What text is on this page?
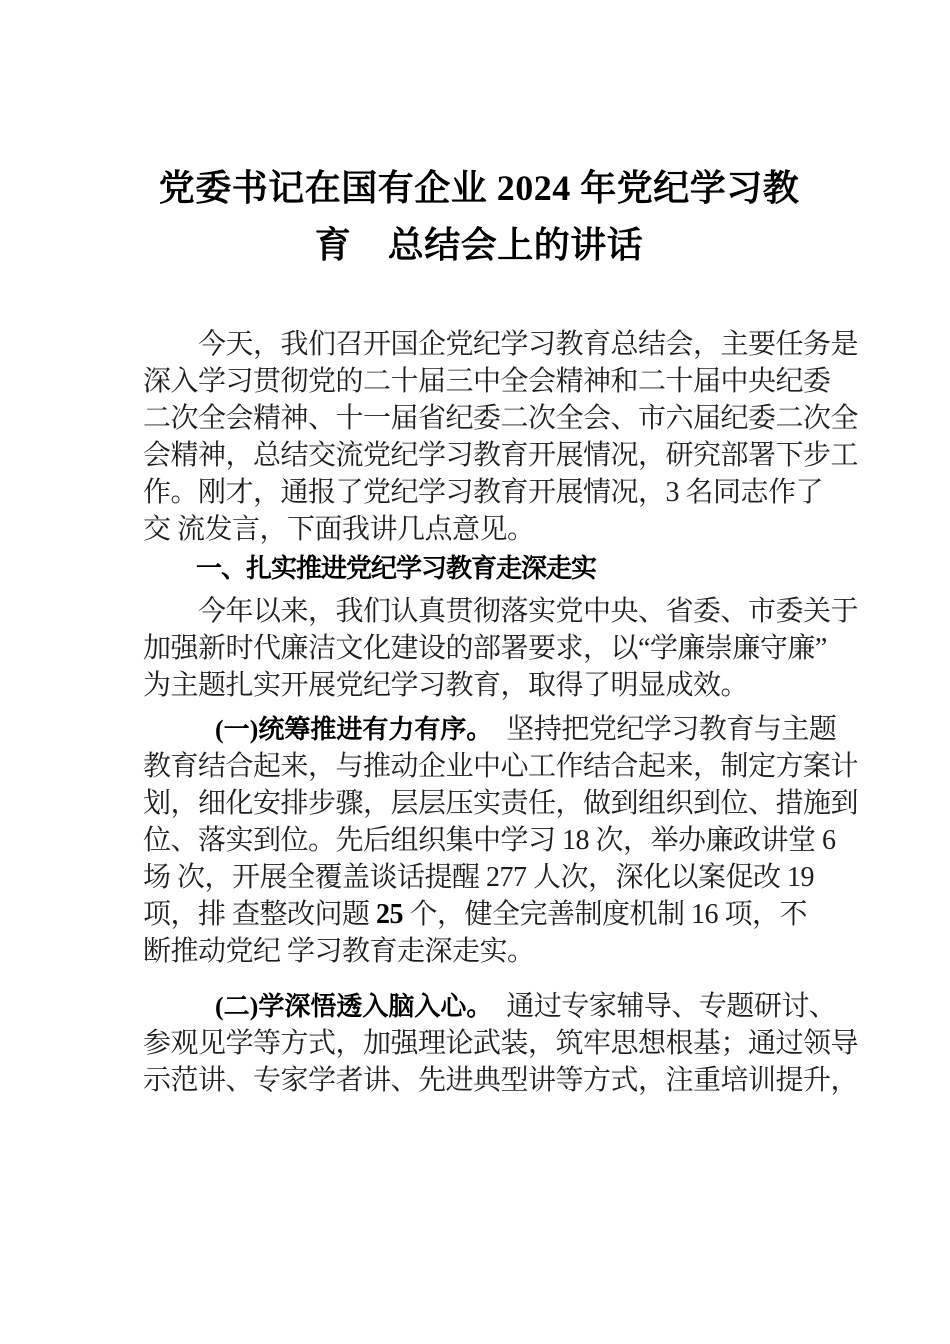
党委书记在国有企业 2024 年党纪学习教
育　总结会上的讲话
今天，我们召开国企党纪学习教育总结会，主要任务是
深入学习贯彻党的二十届三中全会精神和二十届中央纪委
二次全会精神、十一届省纪委二次全会、市六届纪委二次全
会精神，总结交流党纪学习教育开展情况，研究部署下步工
作。刚才，通报了党纪学习教育开展情况，3 名同志作了
交 流发言，下面我讲几点意见。
一、扎实推进党纪学习教育走深走实
今年以来，我们认真贯彻落实党中央、省委、市委关于
加强新时代廉洁文化建设的部署要求，以“学廉崇廉守廉”
为主题扎实开展党纪学习教育，取得了明显成效。
(一)统筹推进有力有序。 坚持把党纪学习教育与主题
教育结合起来，与推动企业中心工作结合起来，制定方案计
划，细化安排步骤，层层压实责任，做到组织到位、措施到
位、落实到位。先后组织集中学习 18 次，举办廉政讲堂 6
场 次，开展全覆盖谈话提醒 277 人次，深化以案促改 19
项，排 查整改问题 25 个，健全完善制度机制 16 项，不
断推动党纪 学习教育走深走实。
(二)学深悟透入脑入心。 通过专家辅导、专题研讨、
参观见学等方式，加强理论武装，筑牢思想根基；通过领导
示范讲、专家学者讲、先进典型讲等方式，注重培训提升，
